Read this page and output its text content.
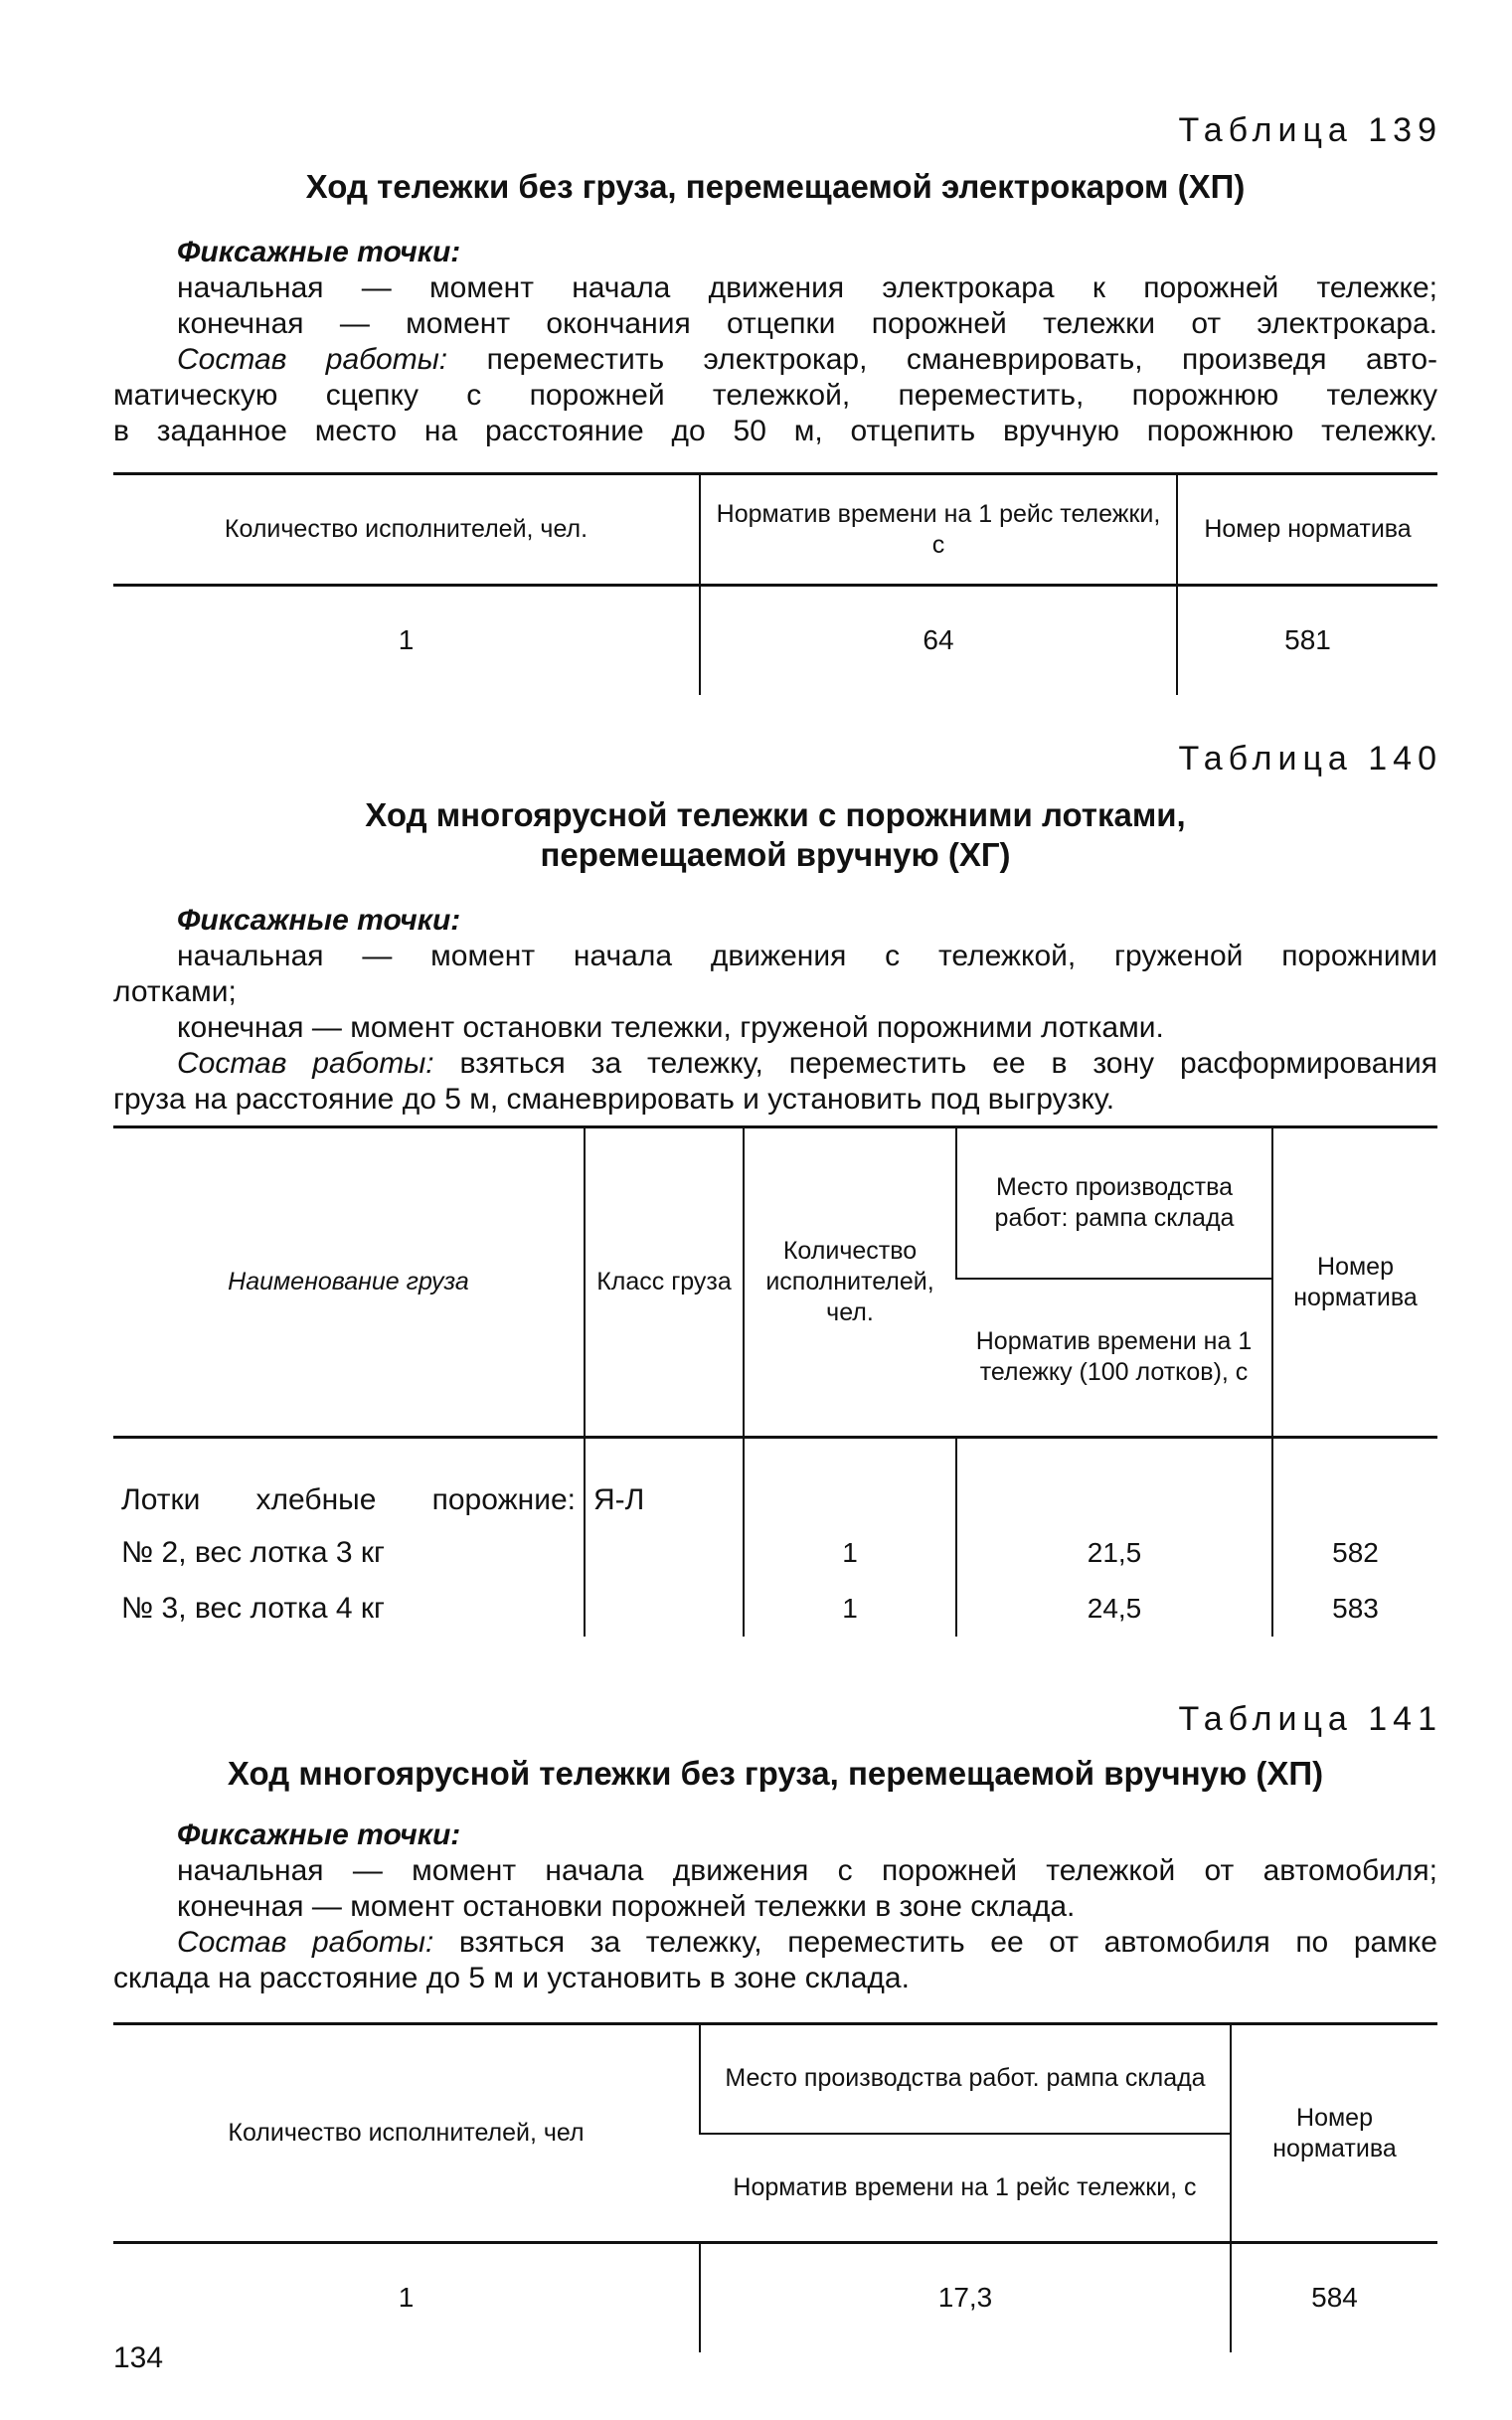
Таблица 139
Ход тележки без груза, перемещаемой электрокаром (ХП)

Фиксажные точки:

начальная — момент начала движения электрокара к порожней тележке;

конечная — момент окончания отцепки порожней тележки от электрокара.

Состав работы: переместить электрокар, сманеврировать, произведя авто-

матическую сцепку с порожней тележкой, переместить, порожнюю тележку

в заданное место на расстояние до 50 м, отцепить вручную порожнюю тележку.

Количество исполнителей, чел.	Норматив времени на 1 рейс тележки, с	Номер норматива
1	64	581
Таблица 140
Ход многоярусной тележки с порожними лотками,
перемещаемой вручную (ХГ)

Фиксажные точки:

начальная — момент начала движения с тележкой, груженой порожними

лотками;

конечная — момент остановки тележки, груженой порожними лотками.

Состав работы: взяться за тележку, переместить ее в зону расформирования

груза на расстояние до 5 м, сманеврировать и установить под выгрузку.

Наименование груза	Класс груза	Количество исполнителей, чел.	Место производства работ: рампа склада	Номер норматива
			Норматив времени на 1 тележку (100 лотков), с	
Лотки хлебные порожние:	Я-Л			
№ 2, вес лотка 3 кг		1	21,5	582
№ 3, вес лотка 4 кг		1	24,5	583
Таблица 141
Ход многоярусной тележки без груза, перемещаемой вручную (ХП)

Фиксажные точки:

начальная — момент начала движения с порожней тележкой от автомобиля;

конечная — момент остановки порожней тележки в зоне склада.

Состав работы: взяться за тележку, переместить ее от автомобиля по рамке

склада на расстояние до 5 м и установить в зоне склада.

Количество исполнителей, чел	Место производства работ. рампа склада	Номер норматива
	Норматив времени на 1 рейс тележки, с	
1	17,3	584
134
